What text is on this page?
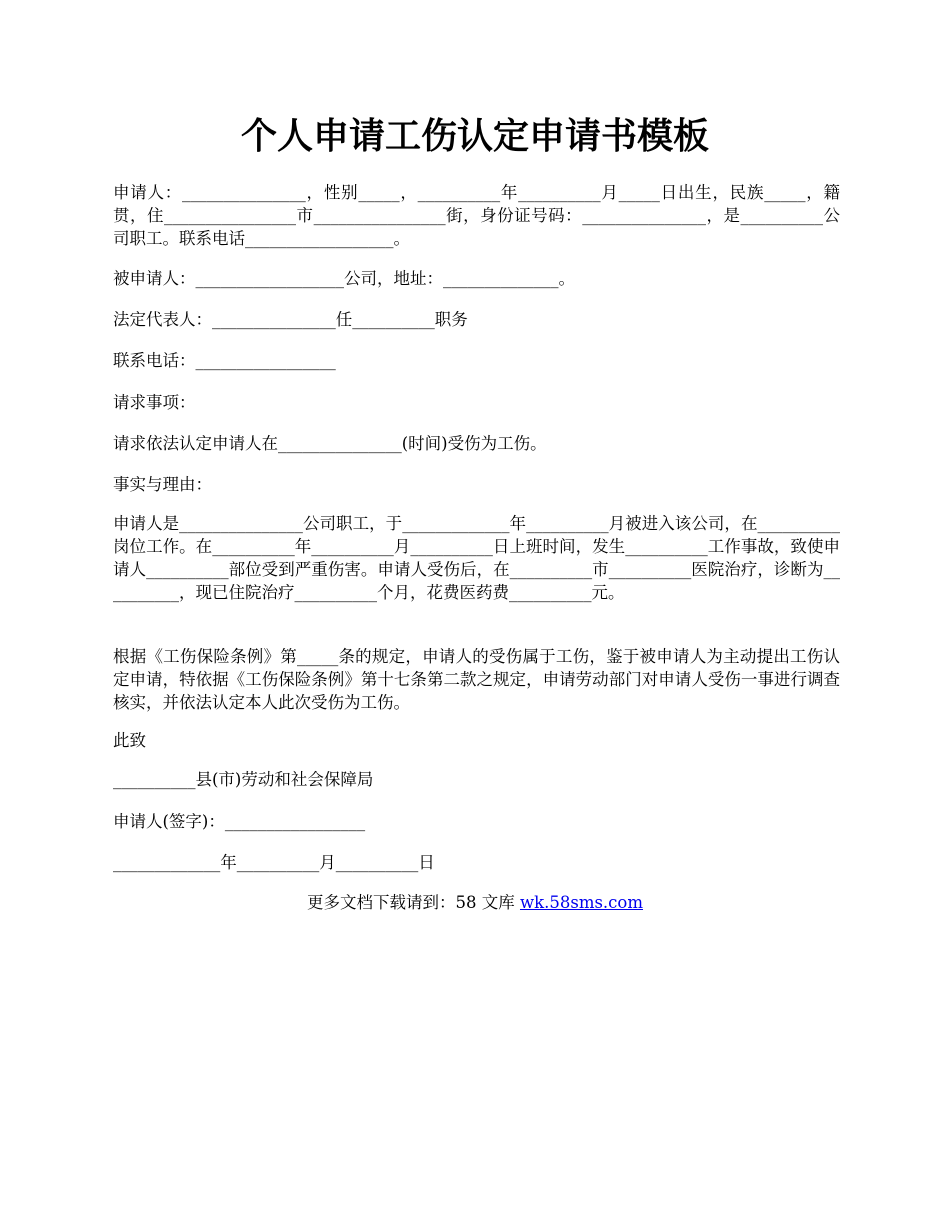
个人申请工伤认定申请书模板

申请人：_______________，性别_____，__________年__________月_____日出生，民族_____，籍贯，住________________市________________街，身份证号码：_______________，是__________公司职工。联系电话__________________。

被申请人：__________________公司，地址：______________。

法定代表人：_______________任__________职务

联系电话：_________________

请求事项：

请求依法认定申请人在_______________(时间)受伤为工伤。

事实与理由：

申请人是_______________公司职工，于_____________年__________月被进入该公司，在__________岗位工作。在__________年__________月__________日上班时间，发生__________工作事故，致使申请人__________部位受到严重伤害。申请人受伤后，在__________市__________医院治疗，诊断为__________，现已住院治疗__________个月，花费医药费__________元。

根据《工伤保险条例》第_____条的规定，申请人的受伤属于工伤，鉴于被申请人为主动提出工伤认定申请，特依据《工伤保险条例》第十七条第二款之规定，申请劳动部门对申请人受伤一事进行调查核实，并依法认定本人此次受伤为工伤。

此致

__________县(市)劳动和社会保障局

申请人(签字)：_________________

_____________年__________月__________日

更多文档下载请到：58 文库 wk.58sms.com
